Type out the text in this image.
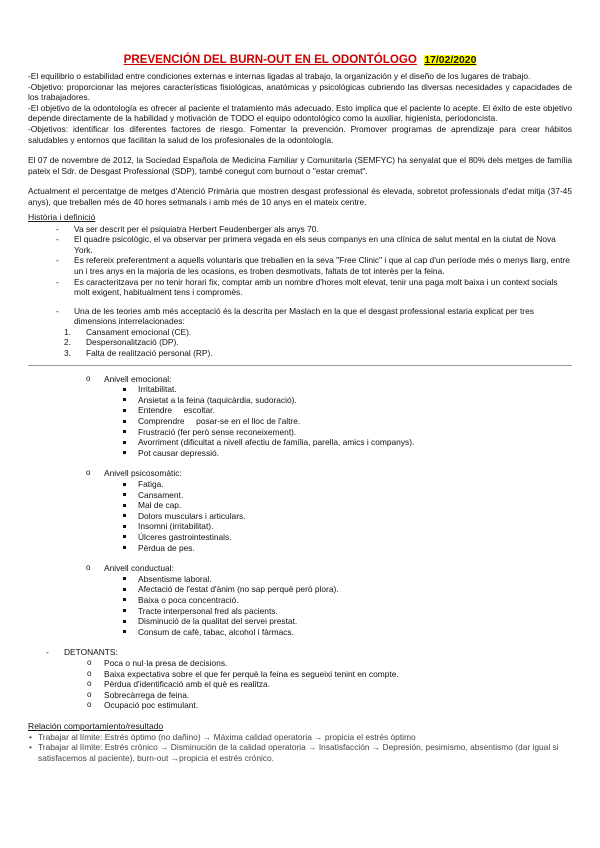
PREVENCIÓN DEL BURN-OUT EN EL ODONTÓLOGO 17/02/2020

-El equilibrio o estabilidad entre condiciones externas e internas ligadas al trabajo, la organización y el diseño de los lugares de trabajo.

-Objetivo: proporcionar las mejores características fisiológicas, anatómicas y psicológicas cubriendo las diversas necesidades y capacidades de los trabajadores.

-El objetivo de la odontología es ofrecer al paciente el tratamiento más adecuado. Esto implica que el paciente lo acepte. El éxito de este objetivo depende directamente de la habilidad y motivación de TODO el equipo odontológico como la auxiliar, higienista, periodoncista.

-Objetivos: identificar los diferentes factores de riesgo. Fomentar la prevención. Promover programas de aprendizaje para crear hábitos saludables y entornos que facilitan la salud de los profesionales de la odontología.

El 07 de novembre de 2012, la Sociedad Española de Medicina Familiar y Comunitaria (SEMFYC) ha senyalat que el 80% dels metges de família pateix el Sdr. de Desgast Professional (SDP), també conegut com burnout o "estar cremat".

Actualment el percentatge de metges d'Atenció Primària que mostren desgast professional és elevada, sobretot professionals d'edat mitja (37-45 anys), que treballen més de 40 hores setmanals i amb més de 10 anys en el mateix centre.

Història i definició
- Va ser descrit per el psiquiatra Herbert Feudenberger als anys 70.
- El quadre psicològic, el va observar per primera vegada en els seus companys en una clínica de salut mental en la ciutat de Nova York.
- Es refereix preferentment a aquells voluntaris que treballen en la seva "Free Clinic" i que al cap d'un període més o menys llarg, entre un i tres anys en la majoria de les ocasions, es troben desmotivats, faltats de tot interès per la feina.
- Es caracteritzava per no tenir horari fix, comptar amb un nombre d'hores molt elevat, tenir una paga molt baixa i un context socials molt exigent, habitualment tens i compromès.
- Una de les teories amb més acceptació és la descrita per Maslach en la que el desgast professional estaria explicat per tres dimensions interrelacionades:
1. Cansament emocional (CE).
2. Despersonalització (DP).
3. Falta de realització personal (RP).
o Anivell emocional:
Irritabilitat.
Ansietat a la feina (taquicàrdia, sudoració).
Entendre     escoltar.
Comprendre     posar-se en el lloc de l'altre.
Frustració (fer però sense reconeixement).
Avorriment (dificultat a nivell afectiu de família, parella, amics i companys).
Pot causar depressió.
o Anivell psicosomàtic:
Fatiga.
Cansament.
Mal de cap.
Dolors musculars i articulars.
Insomni (irritabilitat).
Úlceres gastrointestinals.
Pèrdua de pes.
o Anivell conductual:
Absentisme laboral.
Afectació de l'estat d'ànim (no sap perquè però plora).
Baixa o poca concentració.
Tracte interpersonal fred als pacients.
Disminució de la qualitat del servei prestat.
Consum de cafè, tabac, alcohol i fàrmacs.
- DETONANTS:
o Poca o nul·la presa de decisions.
o Baixa expectativa sobre el que fer perquè la feina es segueixi tenint en compte.
o Pèrdua d'identificació amb el què es realitza.
o Sobrecàrrega de feina.
o Ocupació poc estimulant.
Relación comportamiento/resultado
• Trabajar al límite: Estrés óptimo (no dañino) → Máxima calidad operatoria → propicia el estrés óptimo
• Trabajar al límite: Estrés crónico → Disminución de la calidad operatoria → Insatisfacción → Depresión, pesimismo, absentismo (dar igual si satisfacemos al paciente), burn-out →propicia el estrés crónico.
